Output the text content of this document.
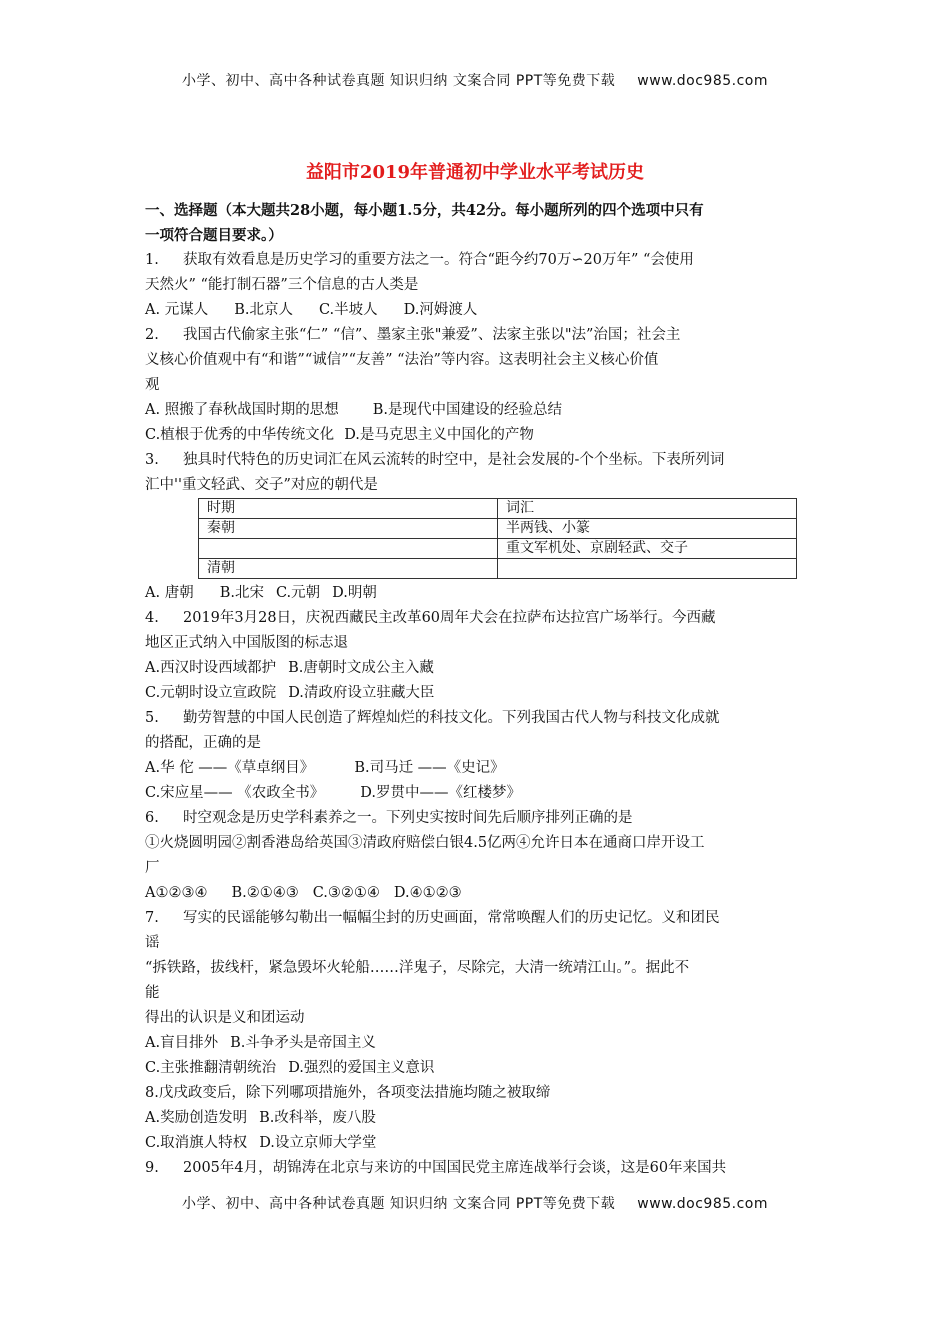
小学、初中、高中各种试卷真题 知识归纳 文案合同 PPT等免费下载 www.doc985.com
益阳市2019年普通初中学业水平考试历史
一、选择题（本大题共28小题，每小题1.5分，共42分。每小题所列的四个选项中只有
一项符合题目要求。）
1. 获取有效看息是历史学习的重要方法之一。符合“距今约70万∽20万年” “会使用
天然火” “能打制石器”三个信息的古人类是
A. 元谋人 B.北京人 C.半坡人 D.河姆渡人
2. 我国古代偷家主张“仁” “信”、墨家主张"兼爱”、法家主张以"法”治国；社会主
义核心价值观中有“和谐”“诚信”“友善” “法治”等内容。这表明社会主义核心价值
观
A. 照搬了春秋战国时期的思想 B.是现代中国建设的经验总结
C.植根于优秀的中华传统文化 D.是马克思主义中国化的产物
3. 独具时代特色的历史词汇在风云流转的时空中，是社会发展的-个个坐标。下表所列词
汇中''重文轻武、交子”对应的朝代是
时期	词汇
秦朝	半两钱、小篆
	重文军机处、京剧轻武、交子
清朝	
A. 唐朝 B.北宋 C.元朝 D.明朝
4. 2019年3月28日，庆祝西藏民主改革60周年犬会在拉萨布达拉宫广场举行。今西藏
地区正式纳入中国版图的标志退
A.西汉时设西域都护 B.唐朝时文成公主入藏
C.元朝时设立宣政院 D.清政府设立驻藏大臣
5. 勤劳智慧的中国人民创造了辉煌灿烂的科技文化。下列我国古代人物与科技文化成就
的搭配，正确的是
A.华 佗 ——《草卓纲目》	B.司马迁 ——《史记》
C.宋应星—— 《农政全书》 D.罗贯中——《红楼梦》
6. 时空观念是历史学科素养之一。下列史实按时间先后顺序排列正确的是
①火烧圆明园②割香港岛给英国③清政府赔偿白银4.5亿两④允许日本在通商口岸开设工
厂
A①②③④ B.②①④③ C.③②①④ D.④①②③
7. 写实的民谣能够勾勒出一幅幅尘封的历史画面，常常唤醒人们的历史记忆。义和团民
谣
“拆铁路，拔线杆，紧急毁坏火轮船……洋鬼子，尽除完，大清一统靖江山。”。据此不
能
得出的认识是义和团运动
A.盲目排外 B.斗争矛头是帝国主义
C.主张推翻清朝统治 D.强烈的爱国主义意识
8.戊戌政变后，除下列哪项措施外，各项变法措施均随之被取缔
A.奖励创造发明 B.改科举，废八股
C.取消旗人特权 D.设立京师大学堂
9. 2005年4月，胡锦涛在北京与来访的中国国民党主席连战举行会谈，这是60年来国共
小学、初中、高中各种试卷真题 知识归纳 文案合同 PPT等免费下载 www.doc985.com
